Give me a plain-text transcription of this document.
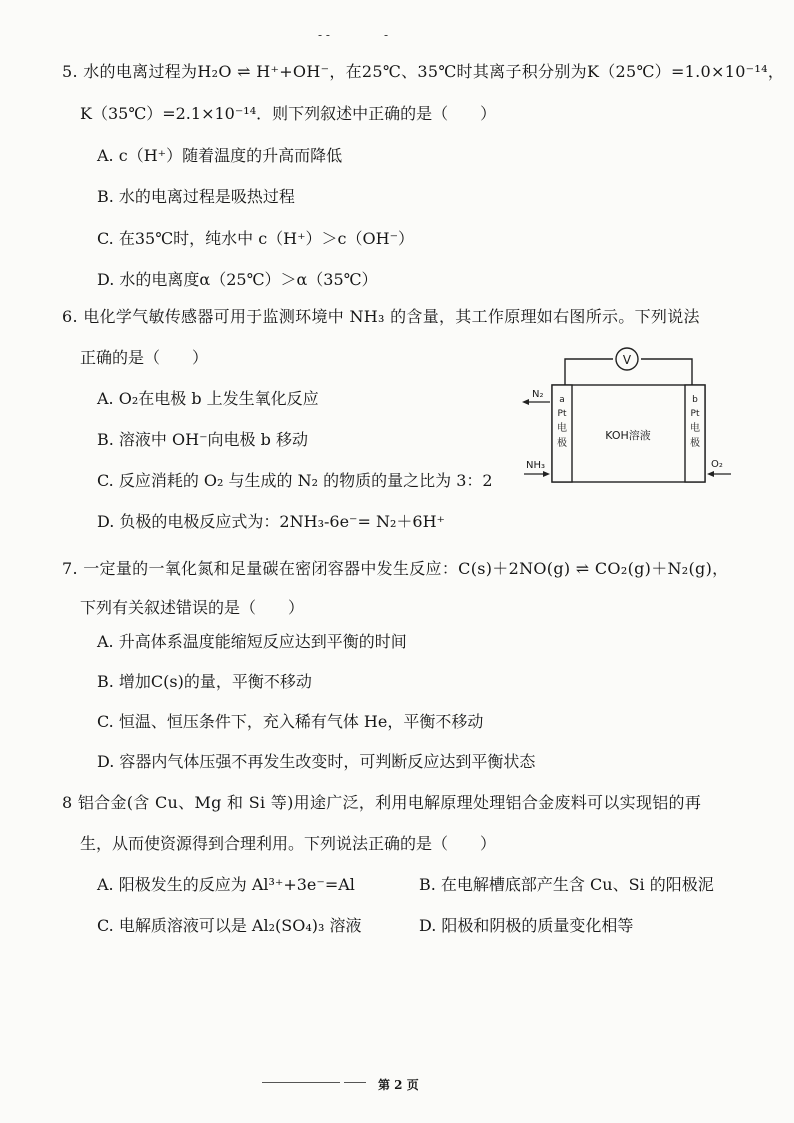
- -	-
5. 水的电离过程为H₂O ⇌ H⁺+OH⁻，在25℃、35℃时其离子积分别为K（25℃）=1.0×10⁻¹⁴，
K（35℃）=2.1×10⁻¹⁴．则下列叙述中正确的是（　　）
A. c（H⁺）随着温度的升高而降低
B. 水的电离过程是吸热过程
C. 在35℃时，纯水中 c（H⁺）＞c（OH⁻）
D. 水的电离度α（25℃）＞α（35℃）
6. 电化学气敏传感器可用于监测环境中 NH₃ 的含量，其工作原理如右图所示。下列说法
正确的是（　　）
A. O₂在电极 b 上发生氧化反应
B. 溶液中 OH⁻向电极 b 移动
C. 反应消耗的 O₂ 与生成的 N₂ 的物质的量之比为 3：2
D. 负极的电极反应式为：2NH₃-6e⁻= N₂＋6H⁺
V
a
Pt
电
极
b
Pt
电
极
KOH溶液
N₂
NH₃	O₂
7. 一定量的一氧化氮和足量碳在密闭容器中发生反应：C(s)＋2NO(g) ⇌ CO₂(g)＋N₂(g)，
下列有关叙述错误的是（　　）
A. 升高体系温度能缩短反应达到平衡的时间
B. 增加C(s)的量，平衡不移动
C. 恒温、恒压条件下，充入稀有气体 He，平衡不移动
D. 容器内气体压强不再发生改变时，可判断反应达到平衡状态
8 铝合金(含 Cu、Mg 和 Si 等)用途广泛，利用电解原理处理铝合金废料可以实现铝的再
生，从而使资源得到合理利用。下列说法正确的是（　　）
A. 阳极发生的反应为 Al³⁺+3e⁻=Al	B. 在电解槽底部产生含 Cu、Si 的阳极泥
C. 电解质溶液可以是 Al₂(SO₄)₃ 溶液	D. 阳极和阴极的质量变化相等
第 2 页
